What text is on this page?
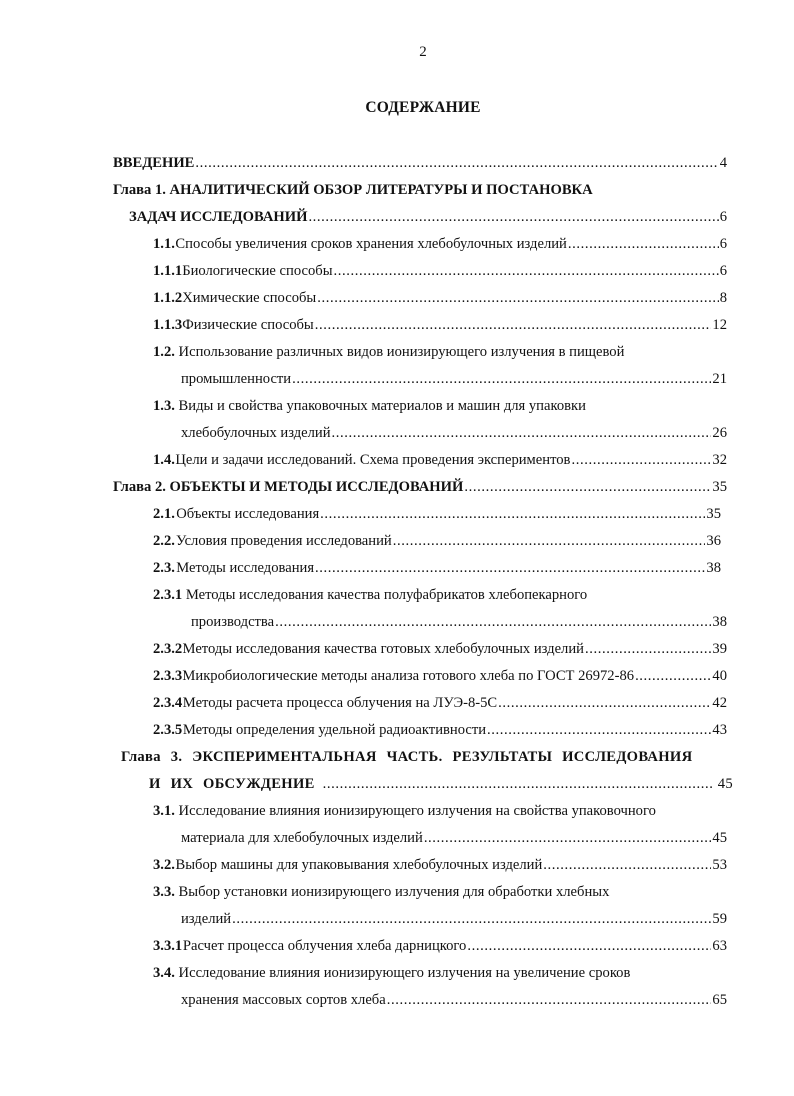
2
СОДЕРЖАНИЕ
ВВЕДЕНИЕ .....	4
Глава 1. АНАЛИТИЧЕСКИЙ ОБЗОР ЛИТЕРАТУРЫ И ПОСТАНОВКА
ЗАДАЧ ИССЛЕДОВАНИЙ .....	6
1.1. Способы увеличения сроков хранения хлебобулочных изделий .....	6
1.1.1 Биологические способы .....	6
1.1.2 Химические способы .....	8
1.1.3 Физические способы .....	12
1.2. Использование различных видов ионизирующего излучения в пищевой
промышленности .....	21
1.3. Виды и свойства упаковочных материалов и машин для упаковки
хлебобулочных изделий .....	26
1.4. Цели и задачи исследований. Схема проведения экспериментов .....	32
Глава 2. ОБЪЕКТЫ И МЕТОДЫ ИССЛЕДОВАНИЙ .....	35
2.1. Объекты исследования .....	35
2.2. Условия проведения исследований .....	36
2.3. Методы исследования .....	38
2.3.1 Методы исследования качества полуфабрикатов хлебопекарного
производства .....	38
2.3.2 Методы исследования качества готовых хлебобулочных изделий .....	39
2.3.3 Микробиологические методы анализа готового хлеба по ГОСТ 26972-86 .....	40
2.3.4 Методы расчета процесса облучения на ЛУЭ-8-5С .....	42
2.3.5 Методы определения удельной радиоактивности .....	43
Глава 3. ЭКСПЕРИМЕНТАЛЬНАЯ ЧАСТЬ. РЕЗУЛЬТАТЫ ИССЛЕДОВАНИЯ
И ИХ ОБСУЖДЕНИЕ .....	45
3.1. Исследование влияния ионизирующего излучения на свойства упаковочного
материала для хлебобулочных изделий .....	45
3.2. Выбор машины для упаковывания хлебобулочных изделий .....	53
3.3. Выбор установки ионизирующего излучения для обработки хлебных
изделий .....	59
3.3.1 Расчет процесса облучения хлеба дарницкого .....	63
3.4. Исследование влияния ионизирующего излучения на увеличение сроков
хранения массовых сортов хлеба .....	65
